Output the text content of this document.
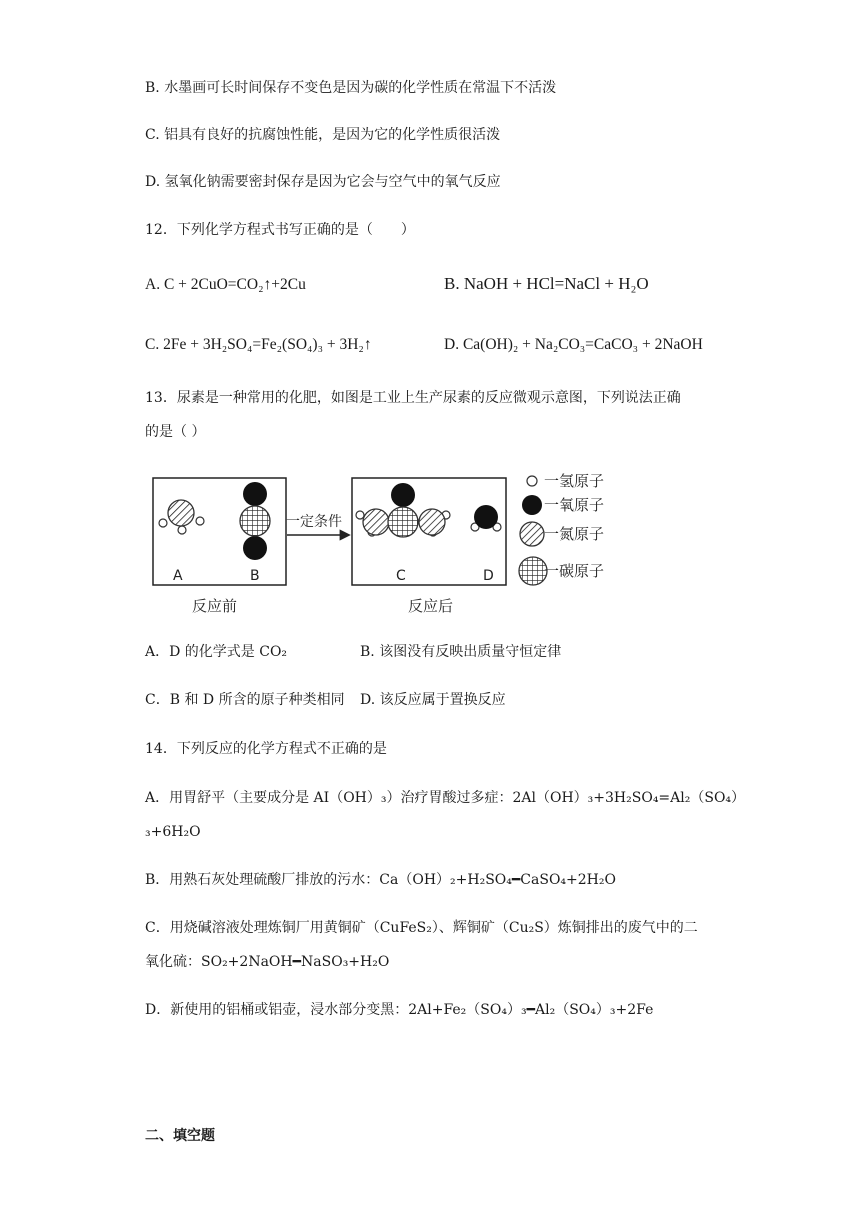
B. 水墨画可长时间保存不变色是因为碳的化学性质在常温下不活泼
C. 铝具有良好的抗腐蚀性能，是因为它的化学性质很活泼
D. 氢氧化钠需要密封保存是因为它会与空气中的氧气反应
12．下列化学方程式书写正确的是（　　）
A. C + 2CuO=CO₂↑+2Cu	B. NaOH + HCl=NaCl + H₂O
C. 2Fe + 3H₂SO₄=Fe₂(SO₄)₃ + 3H₂↑	D. Ca(OH)₂ + Na₂CO₃=CaCO₃ + 2NaOH
13．尿素是一种常用的化肥，如图是工业上生产尿素的反应微观示意图，下列说法正确
的是（ ）
A	B
一定条件
C	D
反应前	反应后
一氢原子
一氧原子
一氮原子
一碳原子
A．D 的化学式是 CO₂	B. 该图没有反映出质量守恒定律
C．B 和 D 所含的原子种类相同 D. 该反应属于置换反应
14．下列反应的化学方程式不正确的是
A．用胃舒平（主要成分是 AI（OH）₃）治疗胃酸过多症：2Al（OH）₃+3H₂SO₄=Al₂（SO₄）
₃+6H₂O
B．用熟石灰处理硫酸厂排放的污水：Ca（OH）₂+H₂SO₄━CaSO₄+2H₂O
C．用烧碱溶液处理炼铜厂用黄铜矿（CuFeS₂）、辉铜矿（Cu₂S）炼铜排出的废气中的二
氧化硫：SO₂+2NaOH━NaSO₃+H₂O
D．新使用的铝桶或铝壶，浸水部分变黑：2Al+Fe₂（SO₄）₃━Al₂（SO₄）₃+2Fe
二、填空题
